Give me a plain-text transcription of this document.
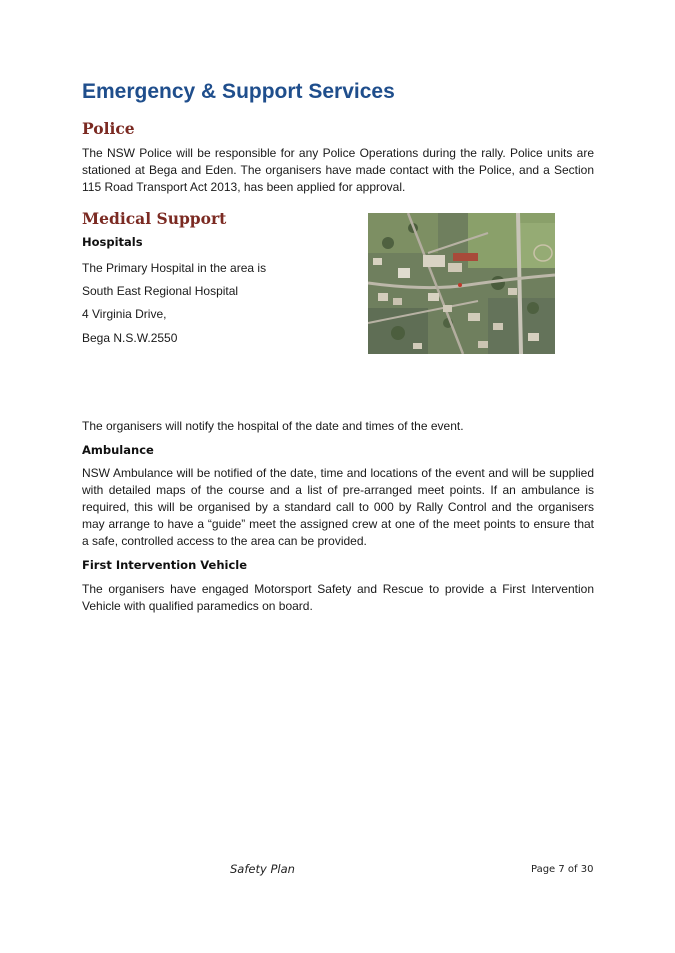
Emergency & Support Services
Police

The NSW Police will be responsible for any Police Operations during the rally. Police units are stationed at Bega and Eden. The organisers have made contact with the Police, and a Section 115 Road Transport Act 2013, has been applied for approval.

Medical Support
Hospitals

The Primary Hospital in the area is

South East Regional Hospital

4 Virginia Drive,

Bega N.S.W.2550

The organisers will notify the hospital of the date and times of the event.

Ambulance

NSW Ambulance will be notified of the date, time and locations of the event and will be supplied with detailed maps of the course and a list of pre-arranged meet points. If an ambulance is required, this will be organised by a standard call to 000 by Rally Control and the organisers may arrange to have a “guide” meet the assigned crew at one of the meet points to ensure that a safe, controlled access to the area can be provided.

First Intervention Vehicle

The organisers have engaged Motorsport Safety and Rescue to provide a First Intervention Vehicle with qualified paramedics on board.

Safety Plan	Page 7 of 30
